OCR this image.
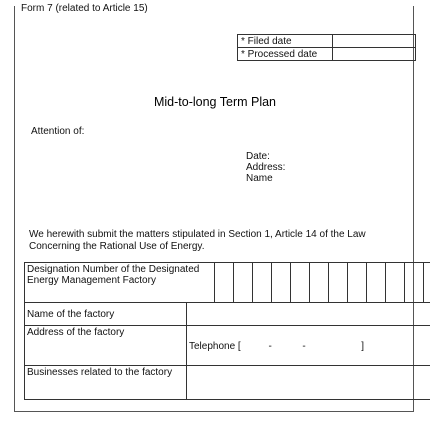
Form 7 (related to Article 15)
* Filed date	
* Processed date	
Mid-to-long Term Plan
Attention of:
Date:
Address:
Name
We herewith submit the matters stipulated in Section 1, Article 14 of the Law Concerning the Rational Use of Energy.
Designation Number of the Designated Energy Management Factory													
Name of the factory													
Address of the factory	Telephone [          -           -                    ]												

Businesses related to the factory													
